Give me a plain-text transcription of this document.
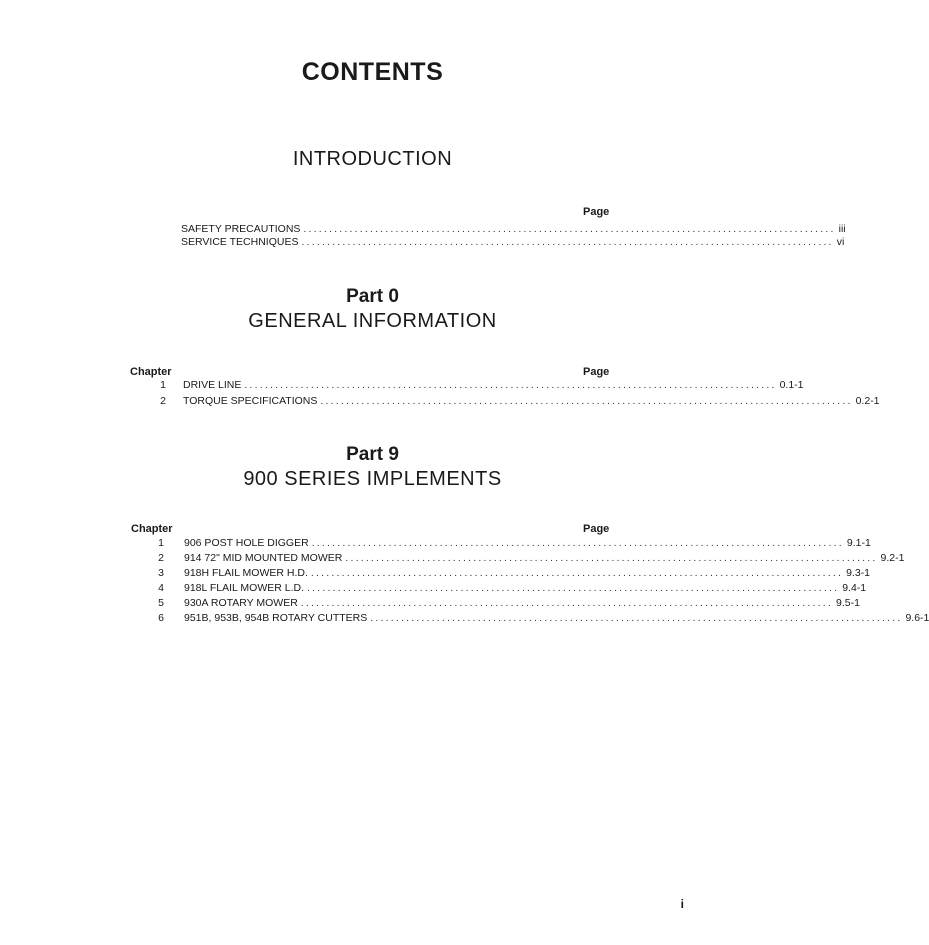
CONTENTS
INTRODUCTION
Page
SAFETY PRECAUTIONS ........................................................................................................ iii
SERVICE TECHNIQUES ........................................................................................................ vi
Part 0
GENERAL INFORMATION
Chapter	Page
1 DRIVE LINE ........................................................................................................ 0.1-1
2 TORQUE SPECIFICATIONS ........................................................................................................ 0.2-1
Part 9
900 SERIES IMPLEMENTS
Chapter	Page
1 906 POST HOLE DIGGER ........................................................................................................ 9.1-1
2 914 72" MID MOUNTED MOWER ........................................................................................................ 9.2-1
3 918H FLAIL MOWER H.D. ........................................................................................................ 9.3-1
4 918L FLAIL MOWER L.D. ........................................................................................................ 9.4-1
5 930A ROTARY MOWER ........................................................................................................ 9.5-1
6 951B, 953B, 954B ROTARY CUTTERS ........................................................................................................ 9.6-1
i
